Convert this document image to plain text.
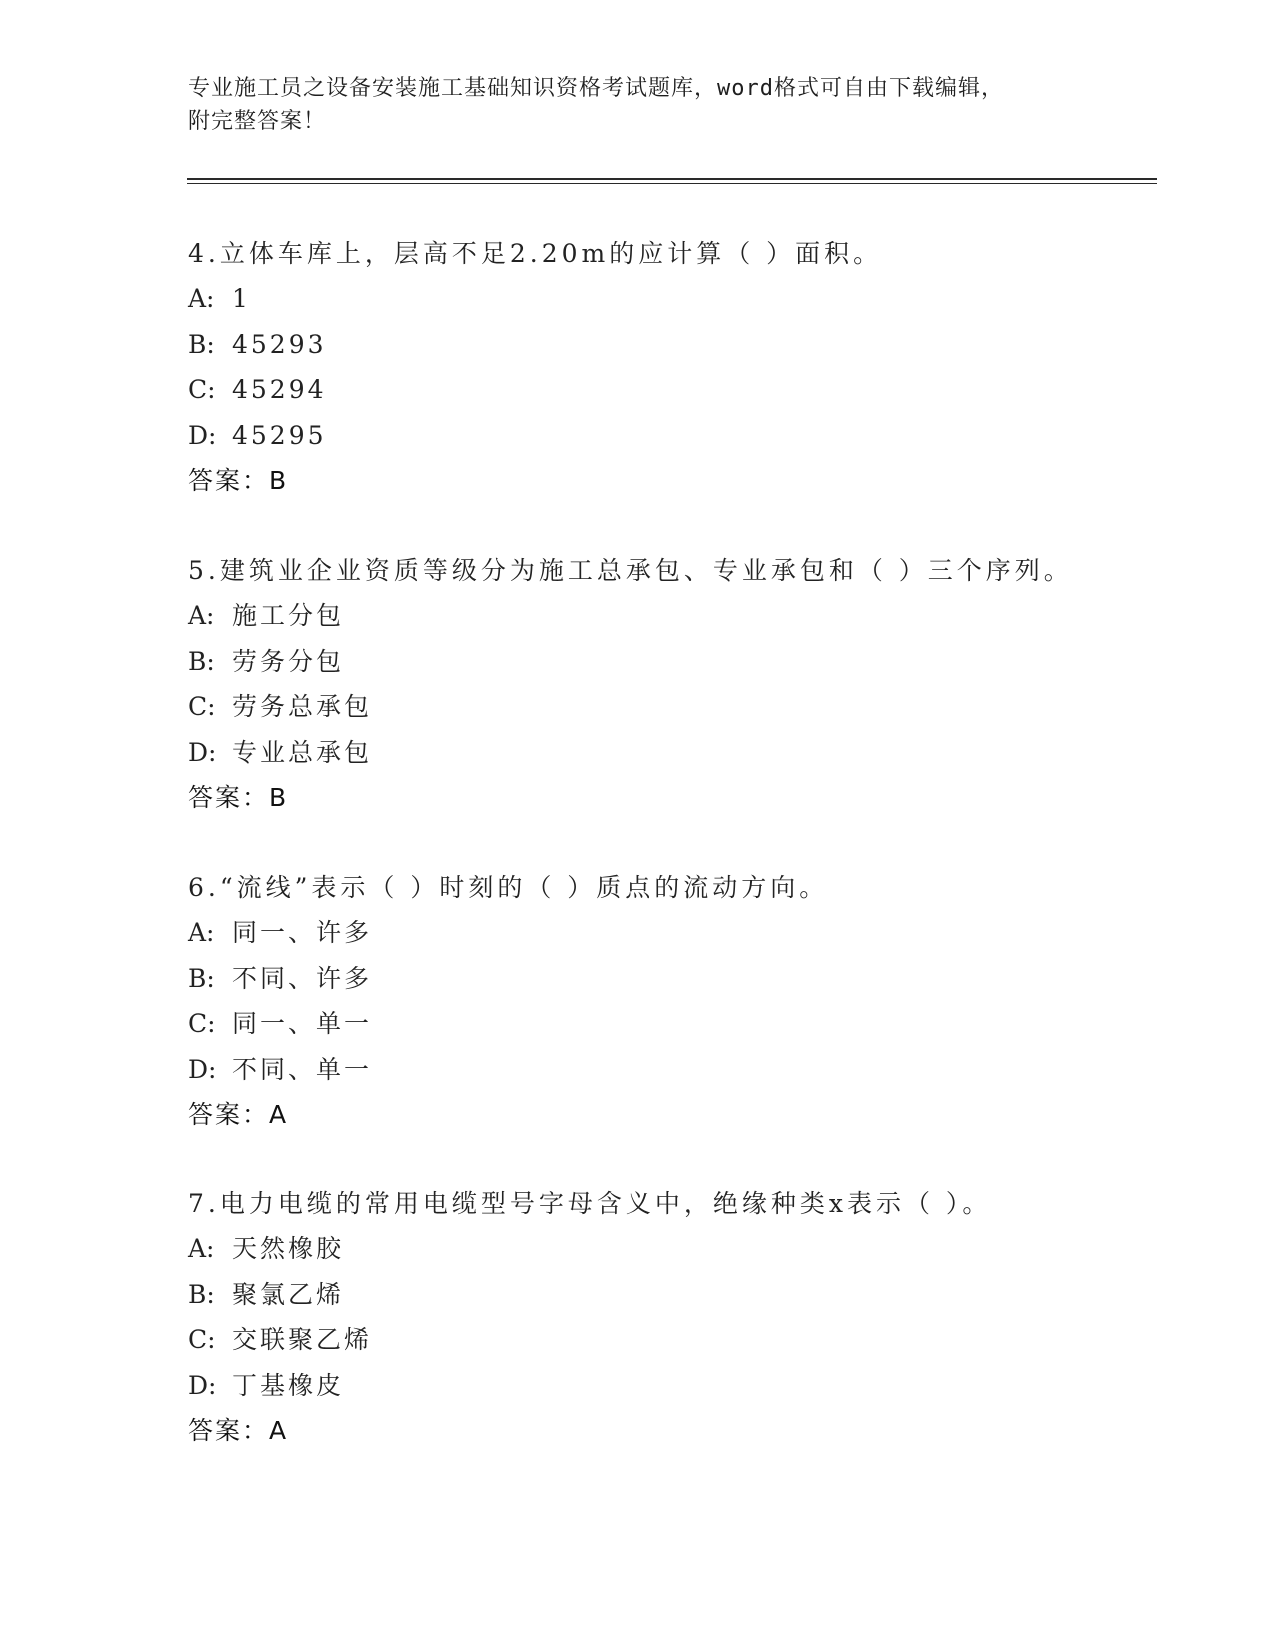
专业施工员之设备安装施工基础知识资格考试题库，word格式可自由下载编辑，
附完整答案！
4.立体车库上，层高不足2.20m的应计算（ ）面积。
A: 1
B: 45293
C: 45294
D: 45295
答案：B
5.建筑业企业资质等级分为施工总承包、专业承包和（ ）三个序列。
A: 施工分包
B: 劳务分包
C: 劳务总承包
D: 专业总承包
答案：B
6.“流线”表示（ ）时刻的（ ）质点的流动方向。
A: 同一、许多
B: 不同、许多
C: 同一、单一
D: 不同、单一
答案：A
7.电力电缆的常用电缆型号字母含义中，绝缘种类x表示（ ）。
A: 天然橡胶
B: 聚氯乙烯
C: 交联聚乙烯
D: 丁基橡皮
答案：A
